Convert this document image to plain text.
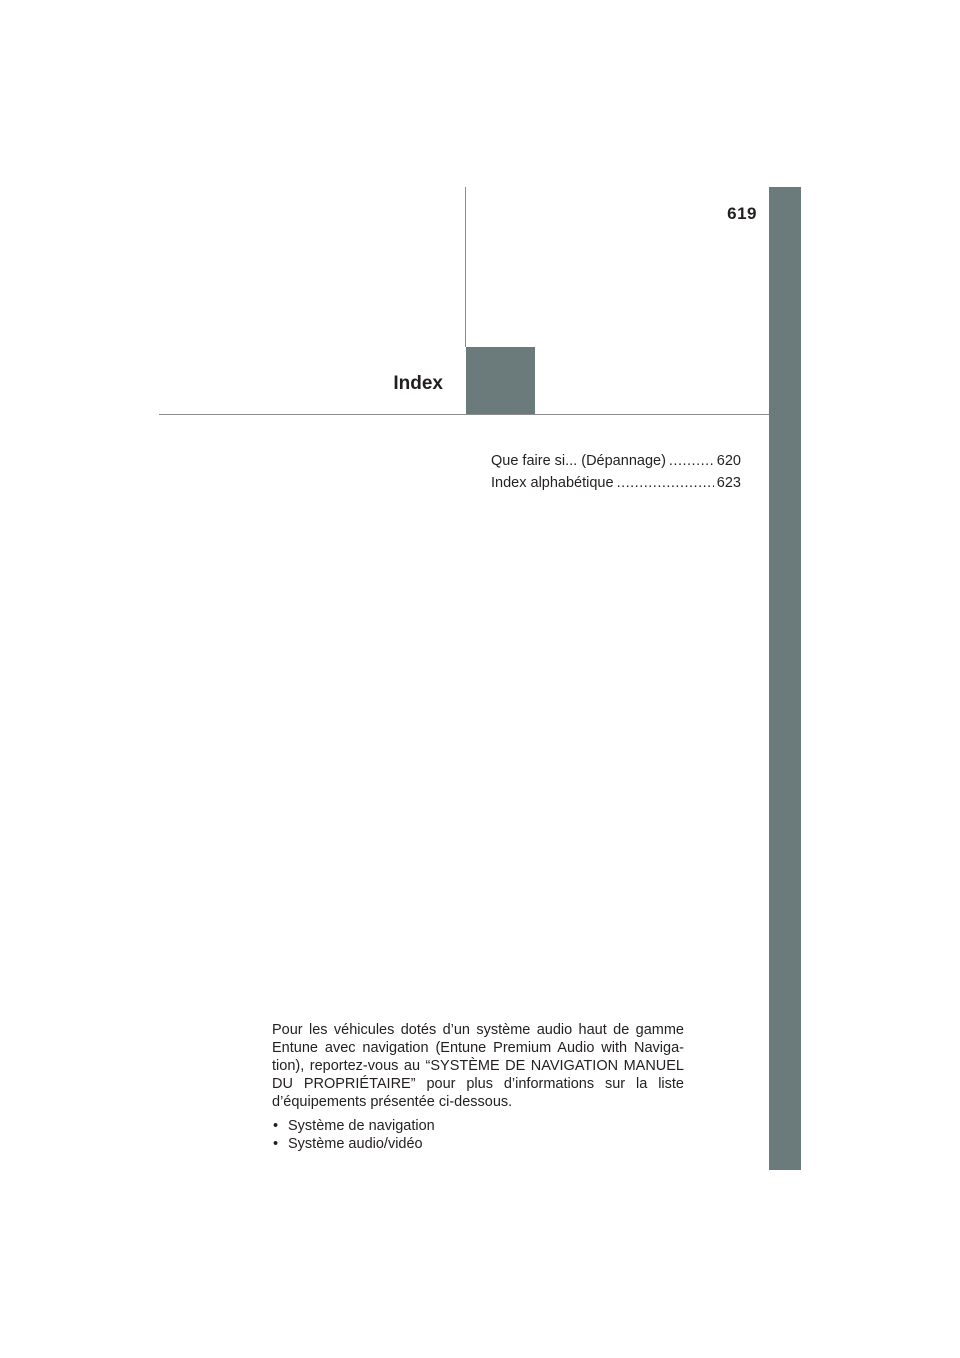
619
Index
Que faire si... (Dépannage) .....	620
Index alphabétique .....	623

Pour les véhicules dotés d’un système audio haut de gamme Entune avec navigation (Entune Premium Audio with Naviga-tion), reportez-vous au “SYSTÈME DE NAVIGATION MANUEL DU PROPRIÉTAIRE” pour plus d’informations sur la liste d’équipements présentée ci-dessous.

• Système de navigation
• Système audio/vidéo
